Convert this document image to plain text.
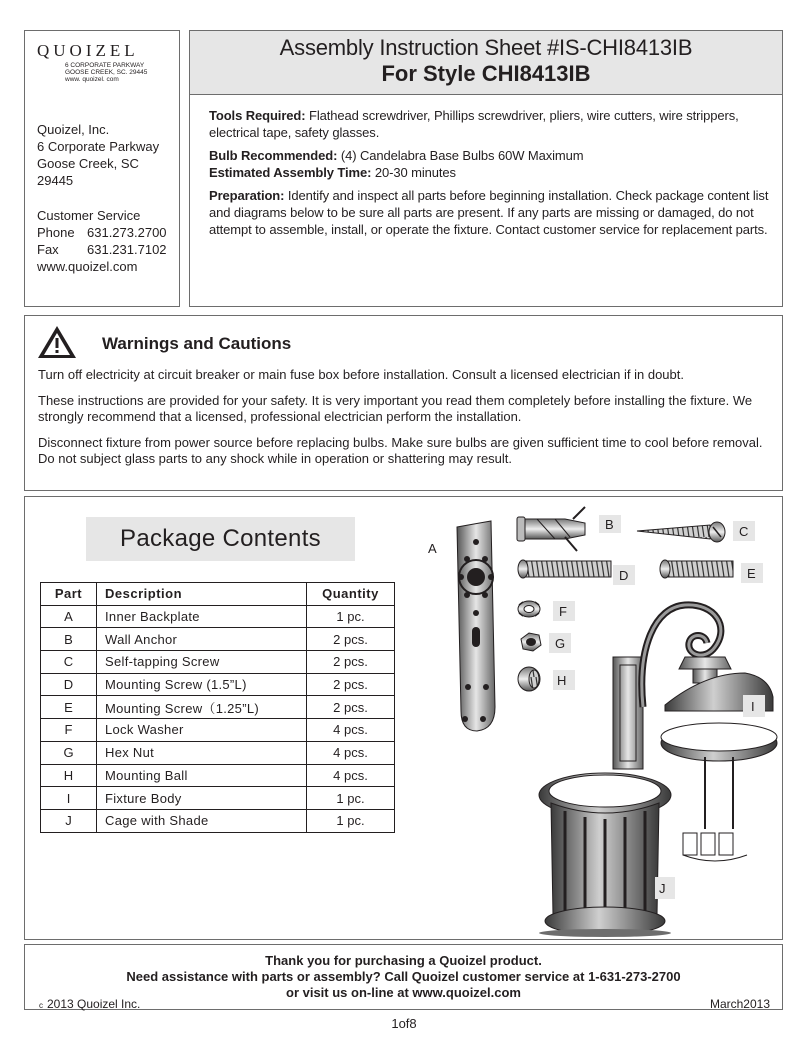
QUOIZEL
6 CORPORATE PARKWAY
GOOSE CREEK, SC. 29445
www. quoizel. com
Quoizel, Inc.
6 Corporate Parkway
Goose Creek, SC
29445
Customer Service
Phone 631.273.2700
Fax	631.231.7102
www.quoizel.com
Assembly Instruction Sheet #IS-CHI8413IB
For Style CHI8413IB

Tools Required: Flathead screwdriver, Phillips screwdriver, pliers, wire cutters, wire strippers, electrical tape, safety glasses.

Bulb Recommended: (4) Candelabra Base Bulbs 60W Maximum

Estimated Assembly Time: 20-30 minutes

Preparation: Identify and inspect all parts before beginning installation. Check package content list and diagrams below to be sure all parts are present. If any parts are missing or damaged, do not attempt to assemble, install, or operate the fixture. Contact customer service for replacement parts.

Warnings and Cautions

Turn off electricity at circuit breaker or main fuse box before installation. Consult a licensed electrician if in doubt.

These instructions are provided for your safety. It is very important you read them completely before installing the fixture. We strongly recommend that a licensed, professional electrician perform the installation.

Disconnect fixture from power source before replacing bulbs. Make sure bulbs are given sufficient time to cool before removal. Do not subject glass parts to any shock while in operation or shattering may result.

Package Contents
Part	Description	Quantity
A	Inner Backplate	1 pc.
B	Wall Anchor	2 pcs.
C	Self-tapping Screw	2 pcs.
D	Mounting Screw (1.5”L)	2 pcs.
E	Mounting Screw（1.25”L)	2 pcs.
F	Lock Washer	4 pcs.
G	Hex Nut	4 pcs.
H	Mounting Ball	4 pcs.
I	Fixture Body	1 pc.
J	Cage with Shade	1 pc.
A
B	C
D	E
F
G
H
I
J
Thank you for purchasing a Quoizel product.
Need assistance with parts or assembly? Call Quoizel customer service at 1-631-273-2700
or visit us on-line at www.quoizel.com
c 2013 Quoizel Inc.	March2013
1of8
